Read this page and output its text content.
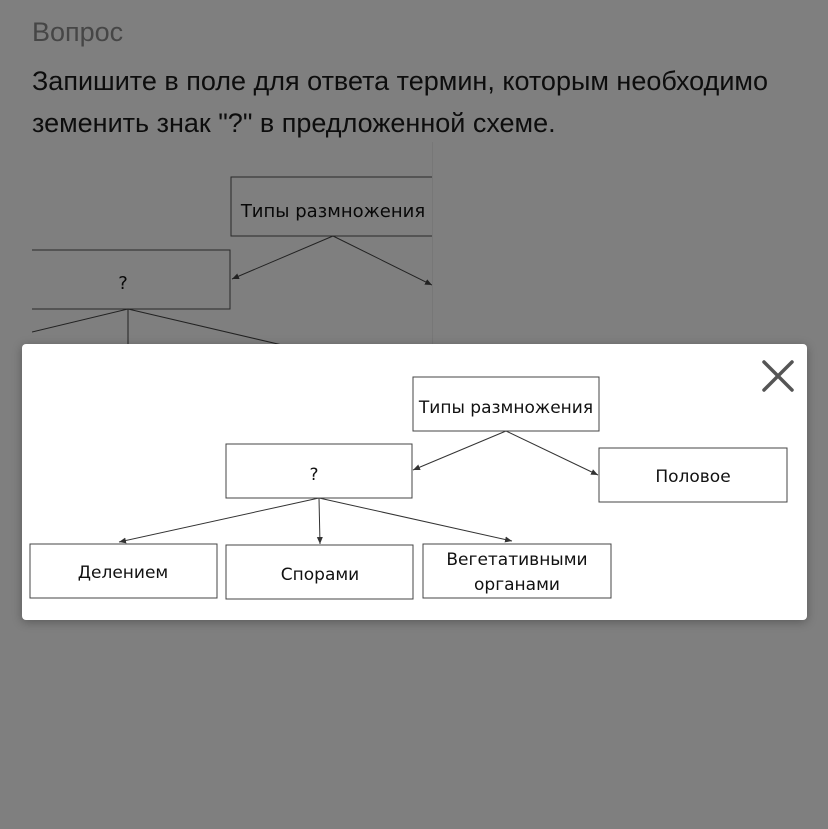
Типы размножения
?	Половое
Делением	Спорами
Вегетативными
органами
